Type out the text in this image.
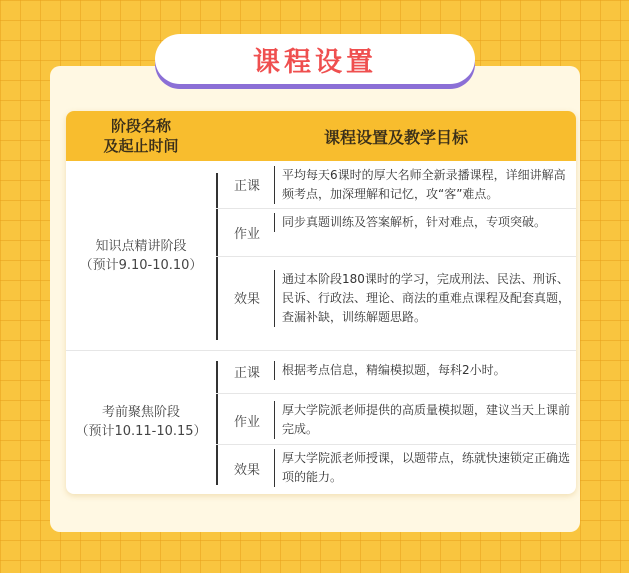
课程设置
阶段名称
及起止时间	课程设置及教学目标
知识点精讲阶段
（预计9.10-10.10）
正课
平均每天6课时的厚大名师全新录播课程，详细讲解高频考点，加深理解和记忆，攻“客”难点。
作业
同步真题训练及答案解析，针对难点，专项突破。
效果
通过本阶段180课时的学习，完成刑法、民法、刑诉、民诉、行政法、理论、商法的重难点课程及配套真题，查漏补缺，训练解题思路。
考前聚焦阶段
（预计10.11-10.15）
正课	根据考点信息，精编模拟题，每科2小时。
作业
厚大学院派老师提供的高质量模拟题，建议当天上课前完成。
效果
厚大学院派老师授课，以题带点，练就快速锁定正确选项的能力。
